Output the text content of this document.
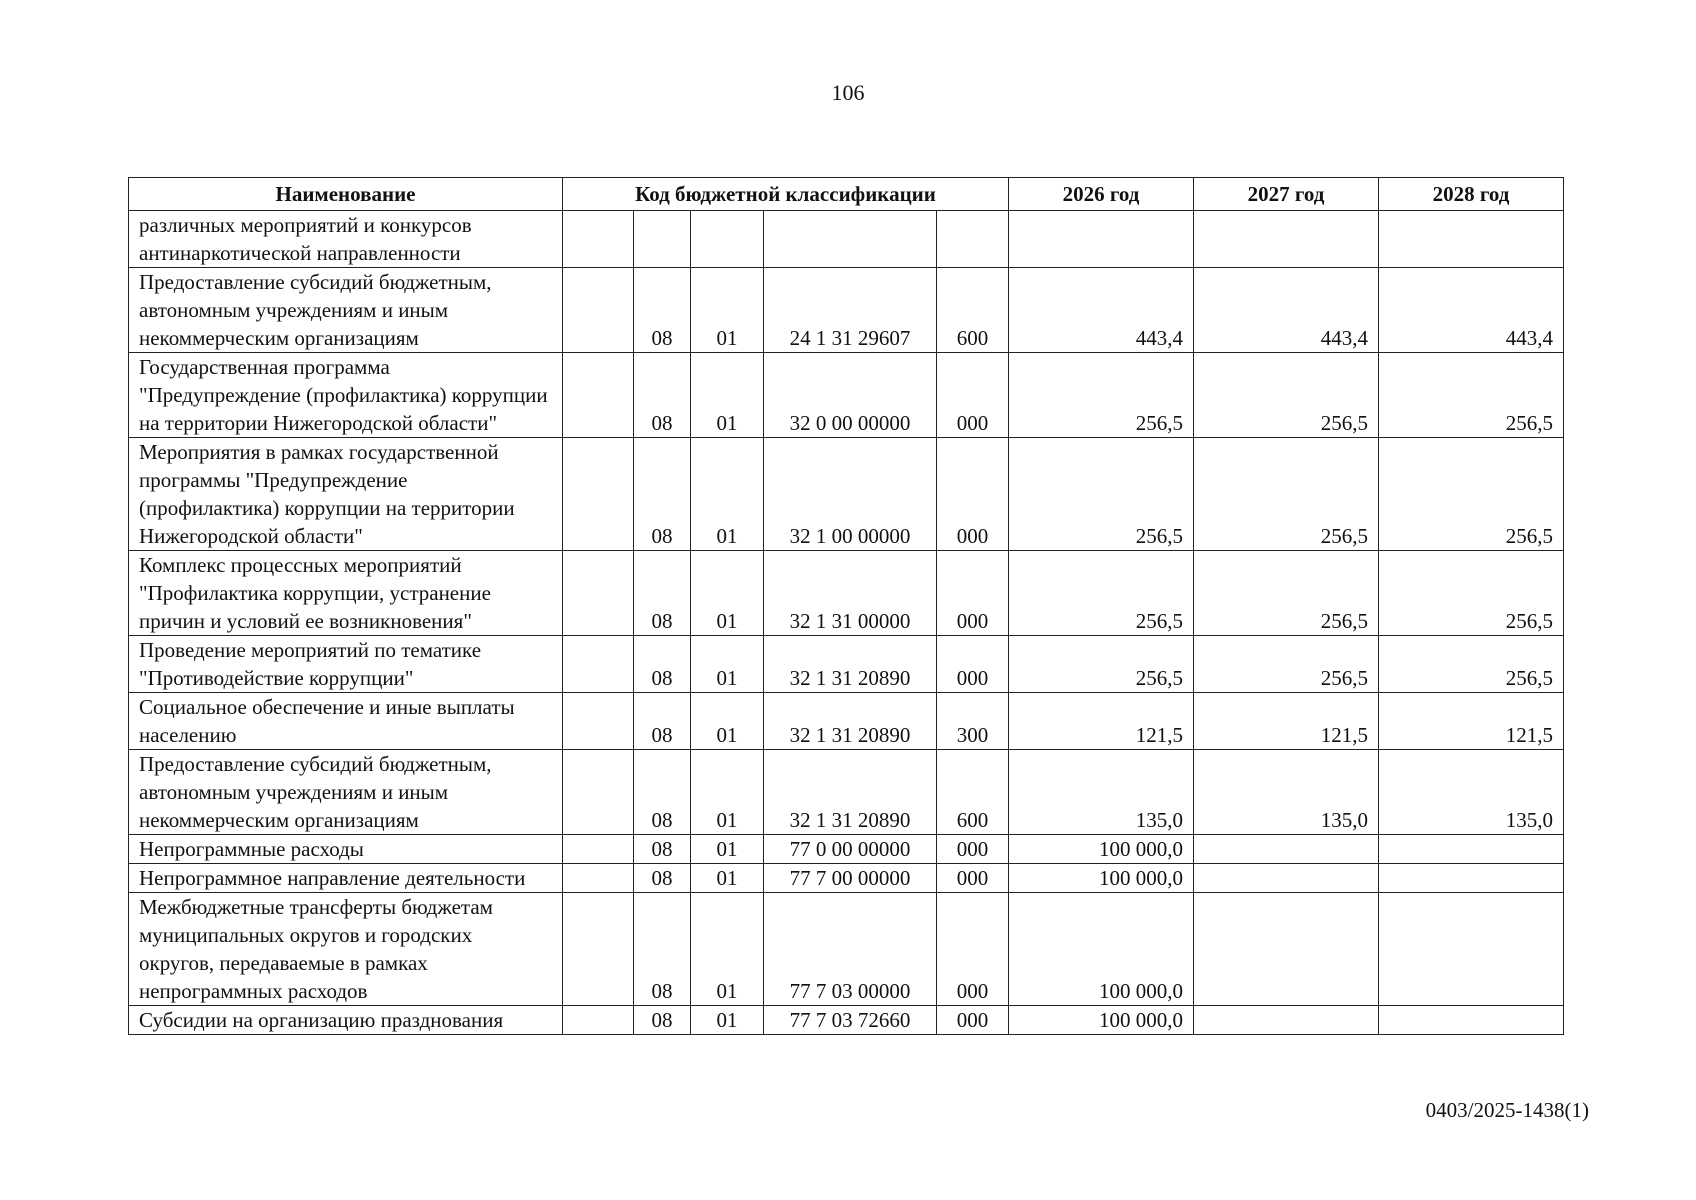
106
Наименование	Код бюджетной классификации					2026 год	2027 год	2028 год
различных мероприятий и конкурсов антинаркотической направленности								
Предоставление субсидий бюджетным, автономным учреждениям и иным некоммерческим организациям		08	01	24 1 31 29607	600	443,4	443,4	443,4
Государственная программа "Предупреждение (профилактика) коррупции на территории Нижегородской области"		08	01	32 0 00 00000	000	256,5	256,5	256,5
Мероприятия в рамках государственной программы "Предупреждение (профилактика) коррупции на территории Нижегородской области"		08	01	32 1 00 00000	000	256,5	256,5	256,5
Комплекс процессных мероприятий "Профилактика коррупции, устранение причин и условий ее возникновения"		08	01	32 1 31 00000	000	256,5	256,5	256,5
Проведение мероприятий по тематике "Противодействие коррупции"		08	01	32 1 31 20890	000	256,5	256,5	256,5
Социальное обеспечение и иные выплаты населению		08	01	32 1 31 20890	300	121,5	121,5	121,5
Предоставление субсидий бюджетным, автономным учреждениям и иным некоммерческим организациям		08	01	32 1 31 20890	600	135,0	135,0	135,0
Непрограммные расходы		08	01	77 0 00 00000	000	100 000,0		
Непрограммное направление деятельности		08	01	77 7 00 00000	000	100 000,0		
Межбюджетные трансферты бюджетам муниципальных округов и городских округов, передаваемые в рамках непрограммных расходов		08	01	77 7 03 00000	000	100 000,0		
Субсидии на организацию празднования		08	01	77 7 03 72660	000	100 000,0		
0403/2025-1438(1)
